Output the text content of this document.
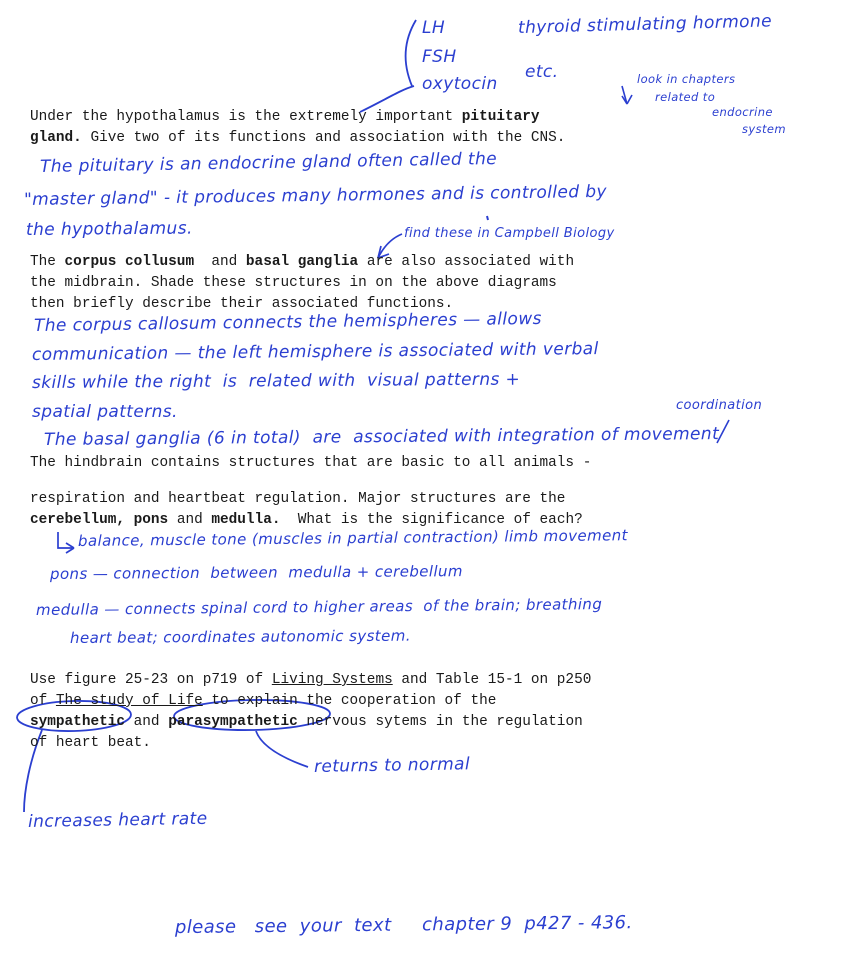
LH
FSH
oxytocin
thyroid stimulating hormone
etc.	look in chapters
related to
endocrine
system
Under the hypothalamus is the extremely important pituitary
gland. Give two of its functions and association with the CNS.
The pituitary is an endocrine gland often called the
"master gland" - it produces many hormones and is controlled by
the hypothalamus.	find these in Campbell Biology
The corpus collusum  and basal ganglia are also associated with
the midbrain. Shade these structures in on the above diagrams
then briefly describe their associated functions.
The corpus callosum connects the hemispheres — allows
communication — the left hemisphere is associated with verbal
skills while the right  is  related with  visual patterns +
spatial patterns.
The basal ganglia (6 in total)  are  associated with integration of movement
coordination
The hindbrain contains structures that are basic to all animals -
respiration and heartbeat regulation. Major structures are the
cerebellum, pons and medulla.  What is the significance of each?
balance, muscle tone (muscles in partial contraction) limb movement
pons — connection  between  medulla + cerebellum
medulla — connects spinal cord to higher areas  of the brain; breathing
heart beat; coordinates autonomic system.
Use figure 25-23 on p719 of Living Systems and Table 15-1 on p250
of The study of Life to explain the cooperation of the
sympathetic and parasympathetic nervous sytems in the regulation
of heart beat.
returns to normal
increases heart rate
please   see  your  text     chapter 9  p427 - 436.
